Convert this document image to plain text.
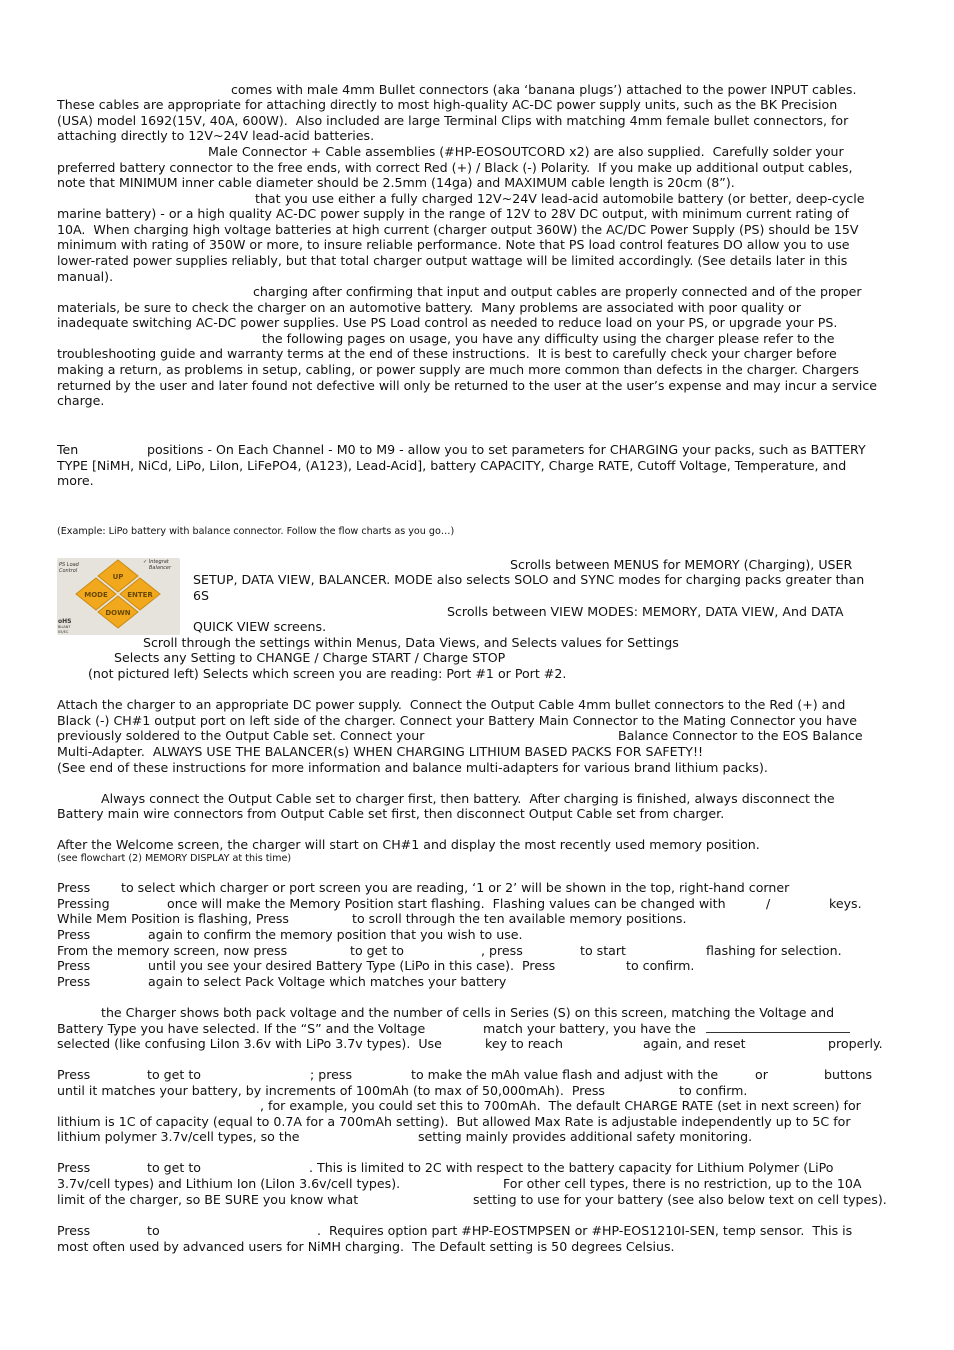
UP
MODE	ENTER
DOWN
PS Load
Control
✓ Integrat
Balancer
oHS
BLIANT
05/EC
comes with male 4mm Bullet connectors (aka ‘banana plugs’) attached to the power INPUT cables.
These cables are appropriate for attaching directly to most high-quality AC-DC power supply units, such as the BK Precision
(USA) model 1692(15V, 40A, 600W).  Also included are large Terminal Clips with matching 4mm female bullet connectors, for
attaching directly to 12V~24V lead-acid batteries.
Male Connector + Cable assemblies (#HP-EOSOUTCORD x2) are also supplied.  Carefully solder your
preferred battery connector to the free ends, with correct Red (+) / Black (-) Polarity.  If you make up additional output cables,
note that MINIMUM inner cable diameter should be 2.5mm (14ga) and MAXIMUM cable length is 20cm (8”).
that you use either a fully charged 12V~24V lead-acid automobile battery (or better, deep-cycle
marine battery) - or a high quality AC-DC power supply in the range of 12V to 28V DC output, with minimum current rating of
10A.  When charging high voltage batteries at high current (charger output 360W) the AC/DC Power Supply (PS) should be 15V
minimum with rating of 350W or more, to insure reliable performance. Note that PS load control features DO allow you to use
lower-rated power supplies reliably, but that total charger output wattage will be limited accordingly. (See details later in this
manual).
charging after confirming that input and output cables are properly connected and of the proper
materials, be sure to check the charger on an automotive battery.  Many problems are associated with poor quality or
inadequate switching AC-DC power supplies. Use PS Load control as needed to reduce load on your PS, or upgrade your PS.
the following pages on usage, you have any difficulty using the charger please refer to the
troubleshooting guide and warranty terms at the end of these instructions.  It is best to carefully check your charger before
making a return, as problems in setup, cabling, or power supply are much more common than defects in the charger. Chargers
returned by the user and later found not defective will only be returned to the user at the user’s expense and may incur a service
charge.
Ten	positions - On Each Channel - M0 to M9 - allow you to set parameters for CHARGING your packs, such as BATTERY
TYPE [NiMH, NiCd, LiPo, LiIon, LiFePO4, (A123), Lead-Acid], battery CAPACITY, Charge RATE, Cutoff Voltage, Temperature, and
more.
(Example: LiPo battery with balance connector. Follow the flow charts as you go…)
Scrolls between MENUS for MEMORY (Charging), USER
SETUP, DATA VIEW, BALANCER. MODE also selects SOLO and SYNC modes for charging packs greater than
6S
Scrolls between VIEW MODES: MEMORY, DATA VIEW, And DATA
QUICK VIEW screens.
Scroll through the settings within Menus, Data Views, and Selects values for Settings
Selects any Setting to CHANGE / Charge START / Charge STOP
(not pictured left) Selects which screen you are reading: Port #1 or Port #2.
Attach the charger to an appropriate DC power supply.  Connect the Output Cable 4mm bullet connectors to the Red (+) and
Black (-) CH#1 output port on left side of the charger. Connect your Battery Main Connector to the Mating Connector you have
previously soldered to the Output Cable set. Connect your	Balance Connector to the EOS Balance
Multi-Adapter.  ALWAYS USE THE BALANCER(s) WHEN CHARGING LITHIUM BASED PACKS FOR SAFETY!!
(See end of these instructions for more information and balance multi-adapters for various brand lithium packs).
Always connect the Output Cable set to charger first, then battery.  After charging is finished, always disconnect the
Battery main wire connectors from Output Cable set first, then disconnect Output Cable set from charger.
After the Welcome screen, the charger will start on CH#1 and display the most recently used memory position.
(see flowchart (2) MEMORY DISPLAY at this time)
Press to select which charger or port screen you are reading, ‘1 or 2’ will be shown in the top, right-hand corner
Pressing	once will make the Memory Position start flashing.  Flashing values can be changed with	/	keys.
While Mem Position is flashing, Press	to scroll through the ten available memory positions.
Press	again to confirm the memory position that you wish to use.
From the memory screen, now press	to get to	, press	to start	flashing for selection.
Press	until you see your desired Battery Type (LiPo in this case).  Press	to confirm.
Press	again to select Pack Voltage which matches your battery
the Charger shows both pack voltage and the number of cells in Series (S) on this screen, matching the Voltage and
Battery Type you have selected. If the “S” and the Voltage	match your battery, you have the
selected (like confusing LiIon 3.6v with LiPo 3.7v types).  Use	key to reach	again, and reset	properly.
Press	to get to	; press	to make the mAh value flash and adjust with the	or	buttons
until it matches your battery, by increments of 100mAh (to max of 50,000mAh).  Press	to confirm.
, for example, you could set this to 700mAh.  The default CHARGE RATE (set in next screen) for
lithium is 1C of capacity (equal to 0.7A for a 700mAh setting).  But allowed Max Rate is adjustable independently up to 5C for
lithium polymer 3.7v/cell types, so the	setting mainly provides additional safety monitoring.
Press	to get to	. This is limited to 2C with respect to the battery capacity for Lithium Polymer (LiPo
3.7v/cell types) and Lithium Ion (LiIon 3.6v/cell types).	For other cell types, there is no restriction, up to the 10A
limit of the charger, so BE SURE you know what	setting to use for your battery (see also below text on cell types).
Press	to	.  Requires option part #HP-EOSTMPSEN or #HP-EOS1210I-SEN, temp sensor.  This is
most often used by advanced users for NiMH charging.  The Default setting is 50 degrees Celsius.
